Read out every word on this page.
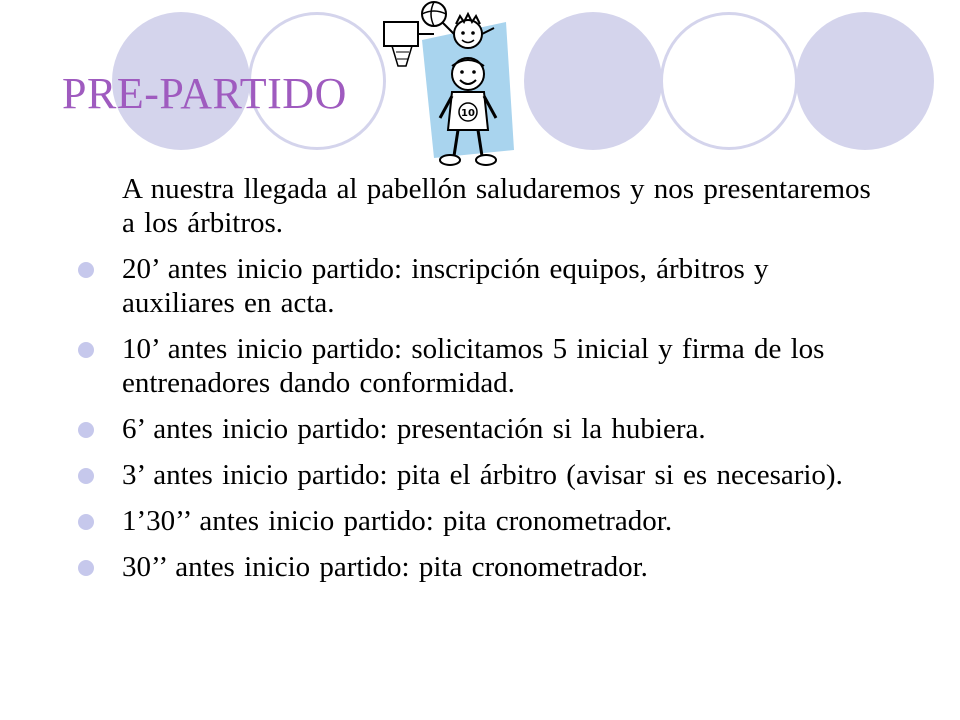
PRE-PARTIDO	10
A nuestra llegada al pabellón saludaremos y nos presentaremos a los árbitros.
20’ antes inicio partido: inscripción equipos, árbitros y auxiliares en acta.
10’ antes inicio partido: solicitamos 5 inicial y firma de los entrenadores dando conformidad.
6’ antes inicio partido: presentación si la hubiera.
3’ antes inicio partido: pita el árbitro (avisar si es necesario).
1’30’’ antes inicio partido: pita cronometrador.
30’’ antes inicio partido: pita cronometrador.
